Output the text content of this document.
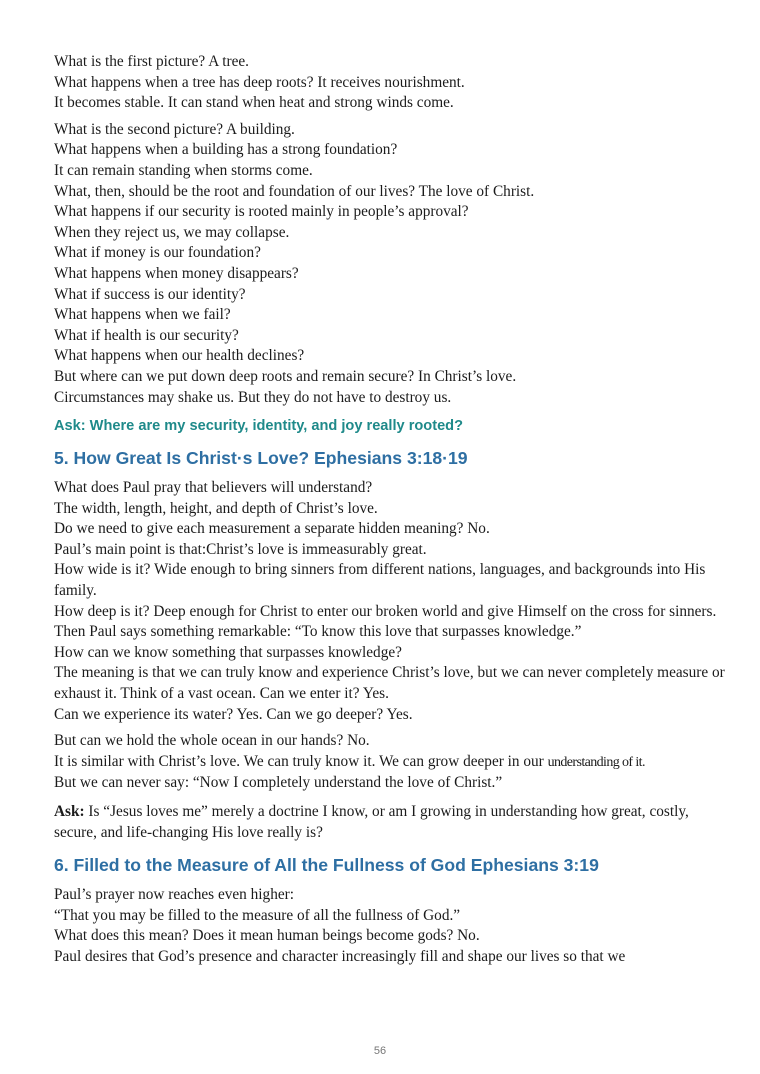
What is the first picture? A tree.
What happens when a tree has deep roots? It receives nourishment.
It becomes stable. It can stand when heat and strong winds come.
What is the second picture? A building.
What happens when a building has a strong foundation?
It can remain standing when storms come.
What, then, should be the root and foundation of our lives? The love of Christ.
What happens if our security is rooted mainly in people’s approval?
When they reject us, we may collapse.
What if money is our foundation?
What happens when money disappears?
What if success is our identity?
What happens when we fail?
What if health is our security?
What happens when our health declines?
But where can we put down deep roots and remain secure? In Christ’s love.
Circumstances may shake us. But they do not have to destroy us.
Ask: Where are my security, identity, and joy really rooted?
5. How Great Is Christ·s Love? Ephesians 3:18·19
What does Paul pray that believers will understand?
The width, length, height, and depth of Christ’s love.
Do we need to give each measurement a separate hidden meaning? No.
Paul’s main point is that:Christ’s love is immeasurably great.
How wide is it? Wide enough to bring sinners from different nations, languages, and backgrounds into His family.
How deep is it? Deep enough for Christ to enter our broken world and give Himself on the cross for sinners.
Then Paul says something remarkable: “To know this love that surpasses knowledge.”
How can we know something that surpasses knowledge?
The meaning is that we can truly know and experience Christ’s love, but we can never completely measure or exhaust it. Think of a vast ocean. Can we enter it? Yes.
Can we experience its water? Yes. Can we go deeper? Yes.
But can we hold the whole ocean in our hands? No.
It is similar with Christ’s love. We can truly know it. We can grow deeper in our understanding of it.
But we can never say: “Now I completely understand the love of Christ.”
Ask: Is “Jesus loves me” merely a doctrine I know, or am I growing in understanding how great, costly, secure, and life-changing His love really is?
6. Filled to the Measure of All the Fullness of God Ephesians 3:19
Paul’s prayer now reaches even higher:
“That you may be filled to the measure of all the fullness of God.”
What does this mean? Does it mean human beings become gods? No.
Paul desires that God’s presence and character increasingly fill and shape our lives so that we
56
